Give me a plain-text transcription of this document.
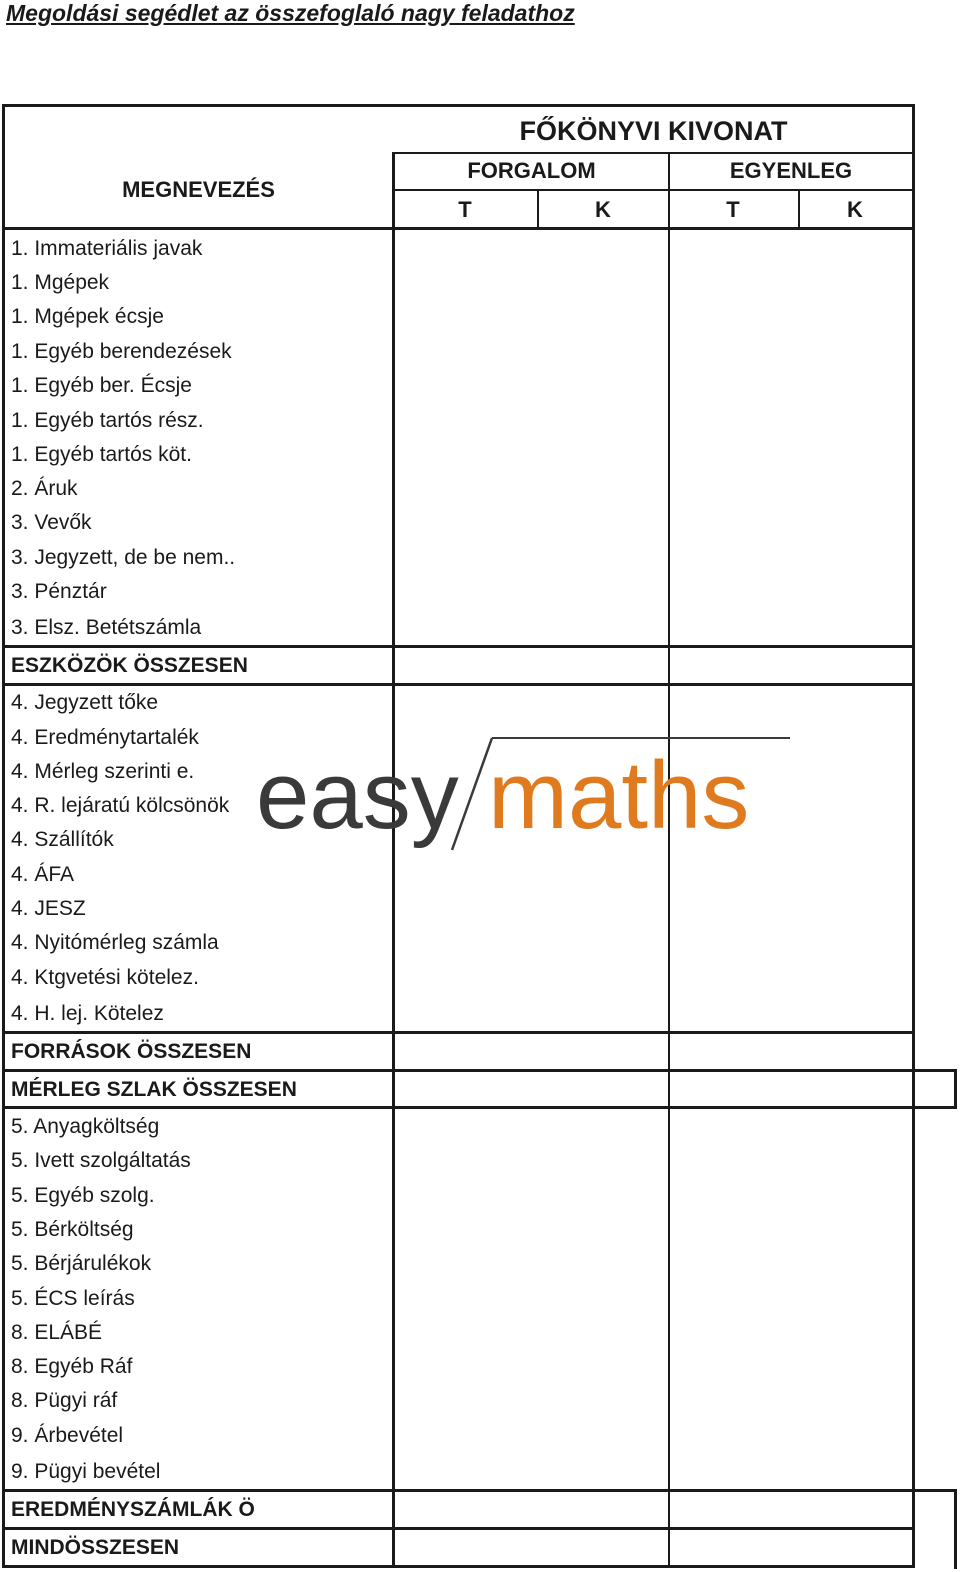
Megoldási segédlet az összefoglaló nagy feladathoz
FŐKÖNYVI KIVONAT
MEGNEVEZÉS
FORGALOM	EGYENLEG
T	K	T	K
1. Immateriális javak
1. Mgépek
1. Mgépek écsje
1. Egyéb berendezések
1. Egyéb ber. Écsje
1. Egyéb tartós rész.
1. Egyéb tartós köt.
2. Áruk
3. Vevők
3. Jegyzett, de be nem..
3. Pénztár
3. Elsz. Betétszámla
ESZKÖZÖK ÖSSZESEN
4. Jegyzett tőke
4. Eredménytartalék
4. Mérleg szerinti e.
4. R. lejáratú kölcsönök
4. Szállítók
4. ÁFA
4. JESZ
4. Nyitómérleg számla
4. Ktgvetési kötelez.
4. H. lej. Kötelez
FORRÁSOK ÖSSZESEN
MÉRLEG SZLAK ÖSSZESEN
5. Anyagköltség
5. Ivett szolgáltatás
5. Egyéb szolg.
5. Bérköltség
5. Bérjárulékok
5. ÉCS leírás
8. ELÁBÉ
8. Egyéb Ráf
8. Pügyi ráf
9. Árbevétel
9. Pügyi bevétel
EREDMÉNYSZÁMLÁK Ö
MINDÖSSZESEN
easy maths
